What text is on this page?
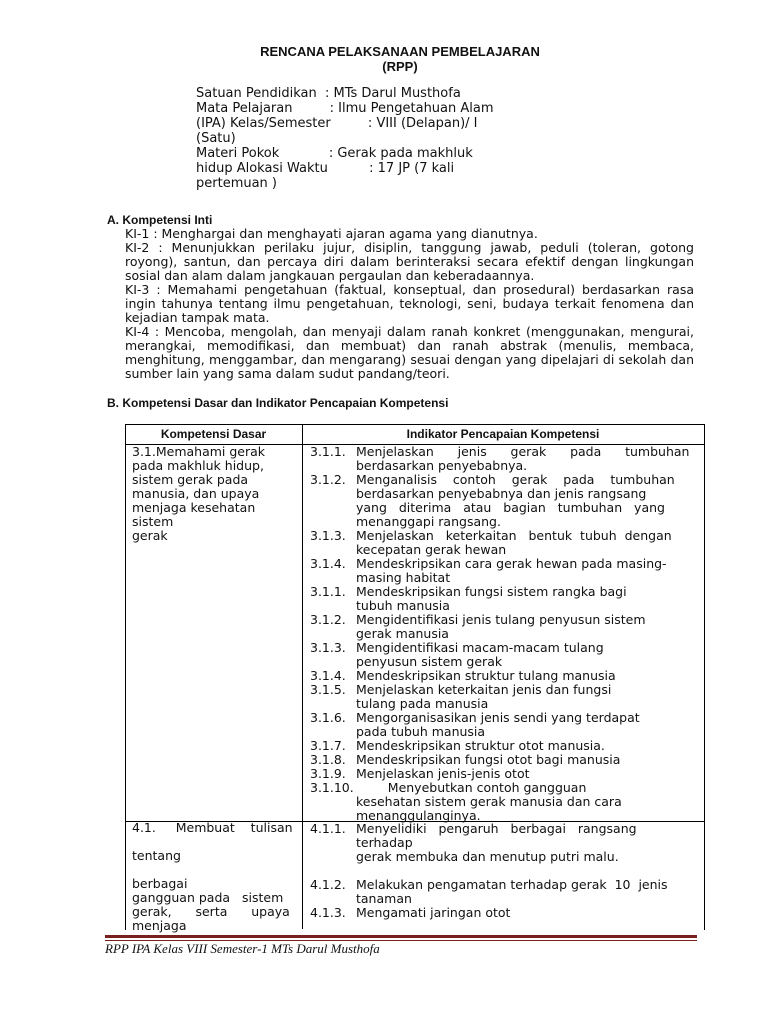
RENCANA PELAKSANAAN PEMBELAJARAN
(RPP)
Satuan Pendidikan  : MTs Darul Musthofa
Mata Pelajaran         : Ilmu Pengetahuan Alam
(IPA) Kelas/Semester         : VIII (Delapan)/ I
(Satu)
Materi Pokok            : Gerak pada makhluk
hidup Alokasi Waktu          : 17 JP (7 kali
pertemuan )
A. Kompetensi Inti

KI-1 : Menghargai dan menghayati ajaran agama yang dianutnya.

KI-2 : Menunjukkan perilaku jujur, disiplin, tanggung jawab, peduli (toleran, gotong royong), santun, dan percaya diri dalam berinteraksi secara efektif dengan lingkungan sosial dan alam dalam jangkauan pergaulan dan keberadaannya.

KI-3 : Memahami pengetahuan (faktual, konseptual, dan prosedural) berdasarkan rasa ingin tahunya tentang ilmu pengetahuan, teknologi, seni, budaya terkait fenomena dan kejadian tampak mata.

KI-4 : Mencoba, mengolah, dan menyaji dalam ranah konkret (menggunakan, mengurai, merangkai, memodifikasi, dan membuat) dan ranah abstrak (menulis, membaca, menghitung, menggambar, dan mengarang) sesuai dengan yang dipelajari di sekolah dan sumber lain yang sama dalam sudut pandang/teori.

B. Kompetensi Dasar dan Indikator Pencapaian Kompetensi
Kompetensi Dasar	Indikator Pencapaian Kompetensi
3.1.Memahami gerak
pada makhluk hidup,
sistem gerak pada
manusia, dan upaya
menjaga kesehatan
sistem
gerak
4.1.     Membuat    tulisan
tentang
berbagai
gangguan pada   sistem
gerak,      serta      upaya
menjaga
3.1.1. Menjelaskan      jenis      gerak      pada      tumbuhan
berdasarkan penyebabnya.
3.1.2. Menganalisis    contoh    gerak    pada    tumbuhan
berdasarkan penyebabnya dan jenis rangsang
yang   diterima   atau   bagian   tumbuhan   yang
menanggapi rangsang.
3.1.3. Menjelaskan   keterkaitan   bentuk  tubuh  dengan
kecepatan gerak hewan
3.1.4. Mendeskripsikan cara gerak hewan pada masing-
masing habitat
3.1.1. Mendeskripsikan fungsi sistem rangka bagi
tubuh manusia
3.1.2. Mengidentifikasi jenis tulang penyusun sistem
gerak manusia
3.1.3. Mengidentifikasi macam-macam tulang
penyusun sistem gerak
3.1.4. Mendeskripsikan struktur tulang manusia
3.1.5. Menjelaskan keterkaitan jenis dan fungsi
tulang pada manusia
3.1.6. Mengorganisasikan jenis sendi yang terdapat
pada tubuh manusia
3.1.7. Mendeskripsikan struktur otot manusia.
3.1.8. Mendeskripsikan fungsi otot bagi manusia
3.1.9. Menjelaskan jenis-jenis otot
3.1.10. Menyebutkan contoh gangguan
kesehatan sistem gerak manusia dan cara
menanggulanginya.
4.1.1. Menyelidiki   pengaruh   berbagai   rangsang
terhadap
gerak membuka dan menutup putri malu.
4.1.2. Melakukan pengamatan terhadap gerak  10  jenis
tanaman
4.1.3. Mengamati jaringan otot
RPP IPA Kelas VIII Semester-1 MTs Darul Musthofa
